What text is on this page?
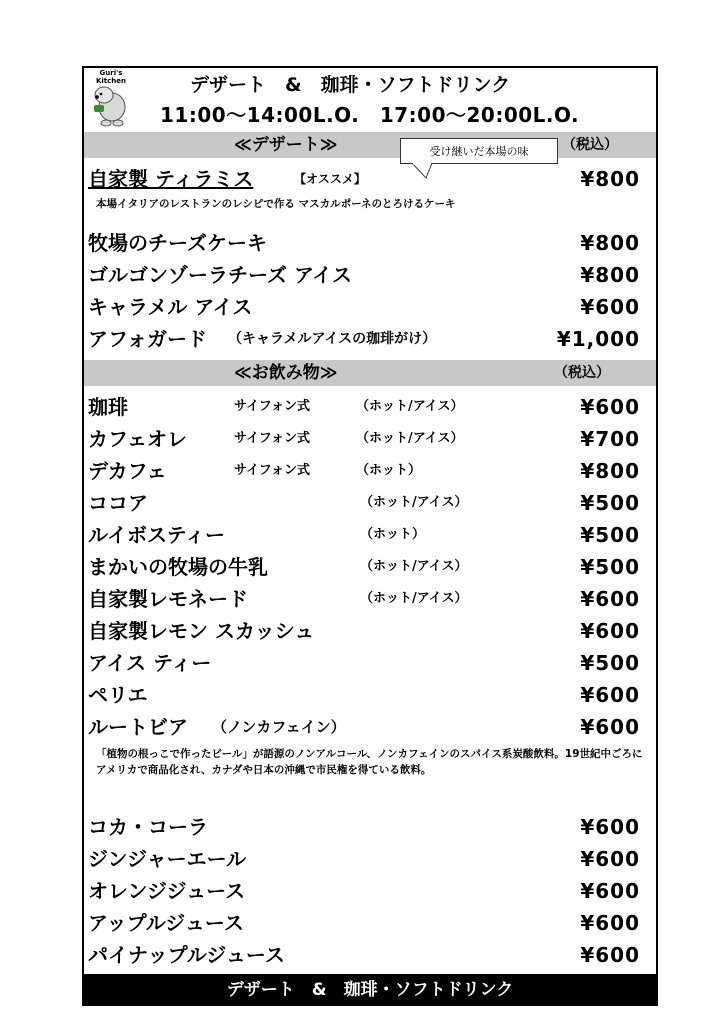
Guri's Kitchen	デザート　&　珈琲・ソフトドリンク
11:00～14:00L.O.　17:00～20:00L.O.
≪デザート≫	（税込）
受け継いだ本場の味
自家製 ティラミス	【オススメ】	¥800
本場イタリアのレストランのレシピで作る マスカルポーネのとろけるケーキ
牧場のチーズケーキ	¥800
ゴルゴンゾーラチーズ アイス	¥800
キャラメル アイス	¥600
アフォガード （キャラメルアイスの珈琲がけ）	¥1,000
≪お飲み物≫	（税込）
珈琲	サイフォン式	（ホット/アイス）	¥600
カフェオレ	サイフォン式	（ホット/アイス）	¥700
デカフェ	サイフォン式	（ホット）	¥800
ココア	（ホット/アイス）	¥500
ルイボスティー	（ホット）	¥500
まかいの牧場の牛乳	（ホット/アイス）	¥500
自家製レモネード	（ホット/アイス）	¥600
自家製レモン スカッシュ	¥600
アイス ティー	¥500
ペリエ	¥600
ルートビア （ノンカフェイン）	¥600
「植物の根っこで作ったビール」が語源のノンアルコール、ノンカフェインのスパイス系炭酸飲料。19世紀中ごろにアメリカで商品化され、カナダや日本の沖縄で市民権を得ている飲料。
コカ・コーラ	¥600
ジンジャーエール	¥600
オレンジジュース	¥600
アップルジュース	¥600
パイナップルジュース	¥600
デザート　&　珈琲・ソフトドリンク
